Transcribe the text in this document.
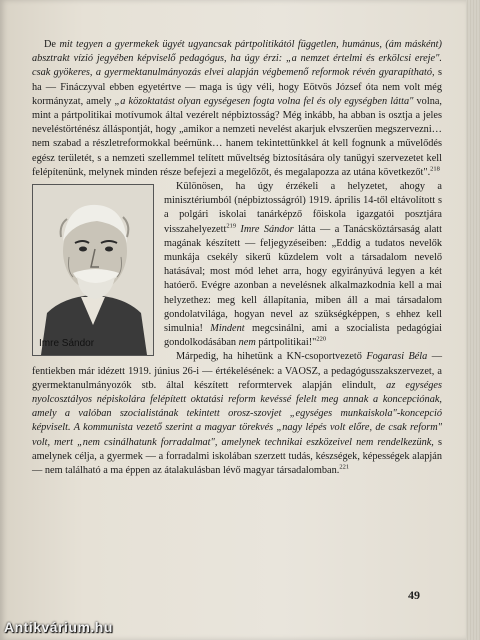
De mit tegyen a gyermekek ügyét ugyancsak pártpolitikától független, humánus, (ám másként) absztrakt vízió jegyében képviselő pedagógus, ha úgy érzi: „a nemzet értelmi és erkölcsi ereje". csak gyökeres, a gyermektanulmányozás elvei alapján végbemenő reformok révén gyarapítható, s ha — Fináczyval ebben egyetértve — maga is úgy véli, hogy Eötvös József óta nem volt még kormányzat, amely „a közoktatást olyan egységesen fogta volna fel és oly egységben látta" volna, mint a pártpolitikai motívumok által vezérelt népbiztosság? Még inkább, ha abban is osztja a jeles neveléstörténész álláspontját, hogy „amikor a nemzeti nevelést akarjuk elvszerűen megszervezni… nem szabad a részletreformokkal beérnünk… hanem tekintettünkkel át kell fognunk a művelődés egész területét, s a nemzeti szellemmel telített műveltség biztosítására oly tanügyi szervezetet kell felépítenünk, melynek minden része befejezi a megelőzőt, és megalapozza az utána következőt".$^{218}$

Imre Sándor

Különösen, ha úgy érzékeli a helyzetet, ahogy a minisztériumból (népbiztosságról) 1919. április 14-től eltávolított s a polgári iskolai tanárképző főiskola igazgatói posztjára visszahelyezett$^{219}$ Imre Sándor látta — a Tanácsköztársaság alatt magának készített — feljegyzéseiben: „Eddig a tudatos nevelők munkája csekély sikerű küzdelem volt a társadalom nevelő hatásával; most mód lehet arra, hogy egyirányúvá legyen a két hatóerő. Evégre azonban a nevelésnek alkalmazkodnia kell a mai helyzethez: meg kell állapítania, miben áll a mai társadalom gondolatvilága, hogyan nevel az szükségképpen, s ehhez kell simulnia! Mindent megcsinálni, ami a szocialista pedagógiai gondolkodásában nem pártpolitikai!"$^{220}$

Márpedig, ha hihetünk a KN-csoportvezető Fogarasi Béla — fentiekben már idézett 1919. június 26-i — értékelésének: a VAOSZ, a pedagógusszakszervezet, a gyermektanulmányozók stb. által készített reformtervek alapján elindult, az egységes nyolcosztályos népiskolára felépített oktatási reform kevéssé felelt meg annak a koncepciónak, amely a valóban szocialistának tekintett orosz-szovjet „egységes munkaiskola"-koncepció képviselt. A kommunista vezető szerint a magyar törekvés „nagy lépés volt előre, de csak reform" volt, mert „nem csinálhatunk forradalmat", amelynek technikai eszközeivel nem rendelkezünk, s amelynek célja, a gyermek — a forradalmi iskolában szerzett tudás, készségek, képességek alapján — nem található a ma éppen az átalakulásban lévő magyar társadalomban.$^{221}$

49
Antikvárium.hu
